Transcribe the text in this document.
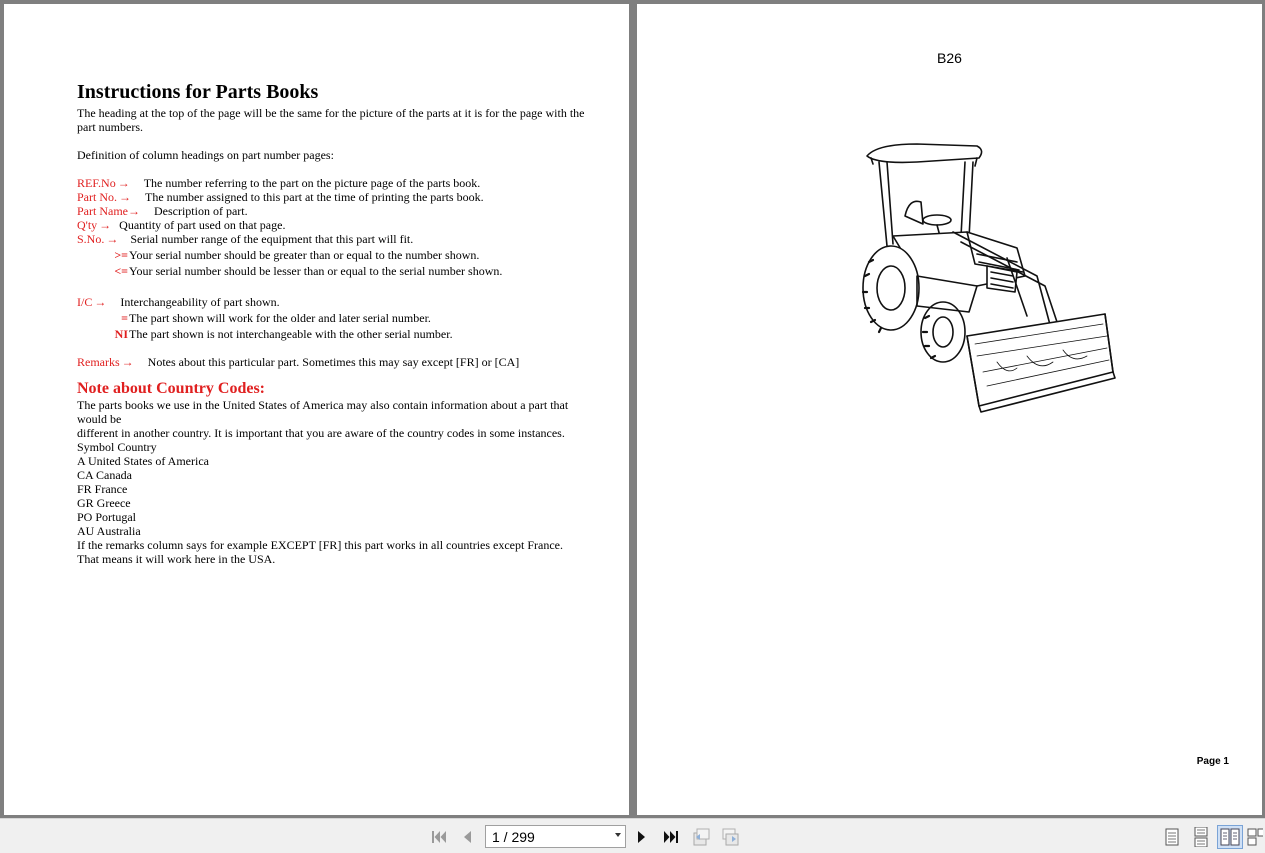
Instructions for Parts Books

The heading at the top of the page will be the same for the picture of the parts at it is for the page with the part numbers.

Definition of column headings on part number pages:

REF.No → The number referring to the part on the picture page of the parts book.
Part No. → The number assigned to this part at the time of printing the parts book.
Part Name → Description of part.
Q'ty → Quantity of part used on that page.
S.No. → Serial number range of the equipment that this part will fit.
>= Your serial number should be greater than or equal to the number shown.
<= Your serial number should be lesser than or equal to the serial number shown.
I/C → Interchangeability of part shown.
= The part shown will work for the older and later serial number.
NI The part shown is not interchangeable with the other serial number.
Remarks → Notes about this particular part. Sometimes this may say except [FR] or [CA]
Note about Country Codes:

The parts books we use in the United States of America may also contain information about a part that would be

different in another country. It is important that you are aware of the country codes in some instances.

Symbol Country

A United States of America

CA Canada

FR France

GR Greece

PO Portugal

AU Australia

If the remarks column says for example EXCEPT [FR] this part works in all countries except France.

That means it will work here in the USA.

B26
Page 1
1 / 299
